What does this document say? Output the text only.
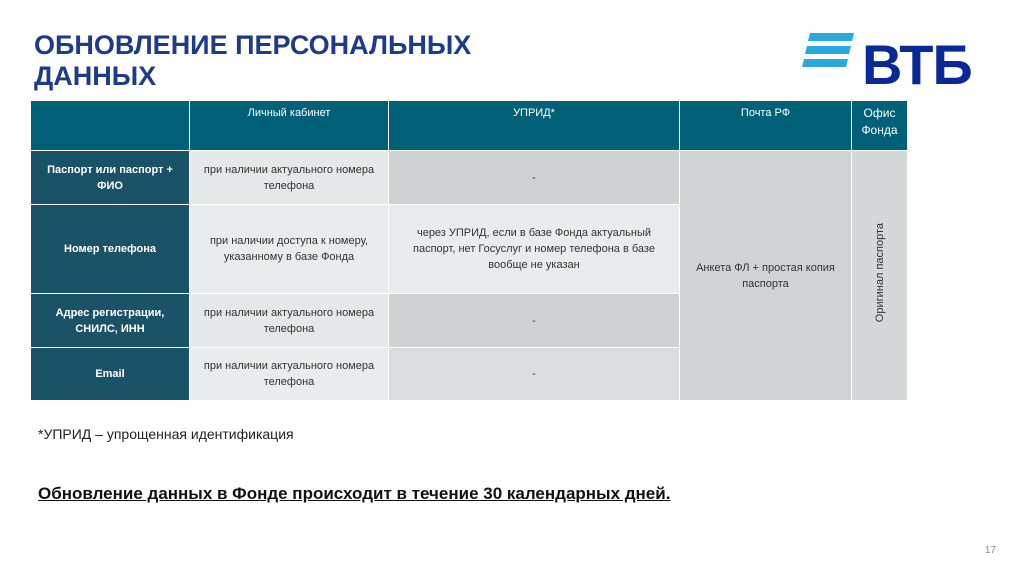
ОБНОВЛЕНИЕ ПЕРСОНАЛЬНЫХ
ДАННЫХ	ВТБ
	Личный кабинет	УПРИД*	Почта РФ	Офис Фонда
Паспорт или паспорт + ФИО	при наличии актуального номера телефона	-	Анкета ФЛ + простая копия паспорта	Оригинал паспорта
Номер телефона	при наличии доступа к номеру, указанному в базе Фонда	через УПРИД, если в базе Фонда актуальный паспорт, нет Госуслуг и номер телефона в базе вообще не указан		
Адрес регистрации, СНИЛС, ИНН	при наличии актуального номера телефона	-		
Email	при наличии актуального номера телефона	-		
*УПРИД – упрощенная идентификация
Обновление данных в Фонде происходит в течение 30 календарных дней.
17
